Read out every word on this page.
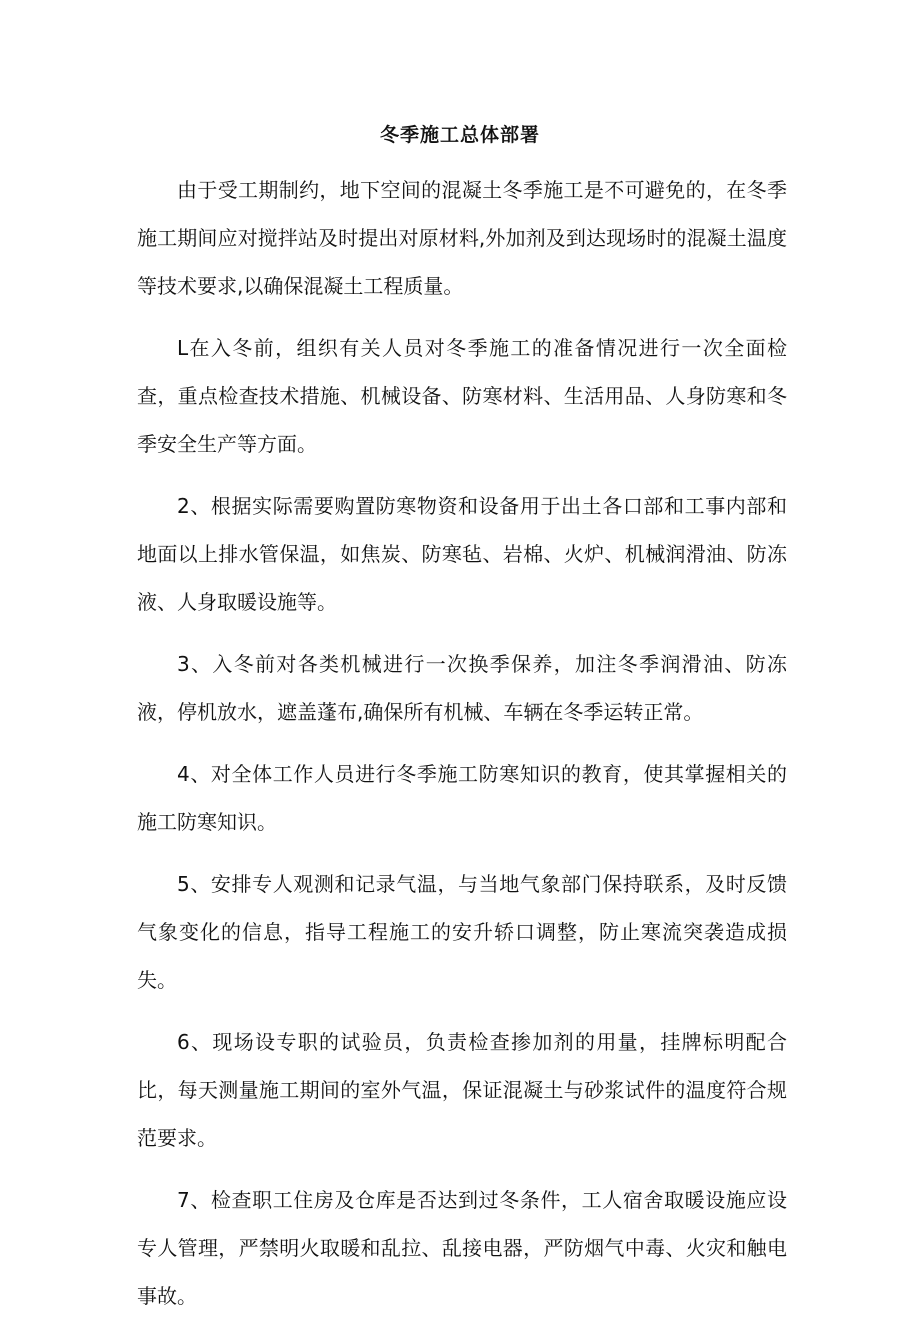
冬季施工总体部署

由于受工期制约，地下空间的混凝土冬季施工是不可避免的，在冬季施工期间应对搅拌站及时提出对原材料,外加剂及到达现场时的混凝土温度等技术要求,以确保混凝土工程质量。

L在入冬前，组织有关人员对冬季施工的准备情况进行一次全面检查，重点检查技术措施、机械设备、防寒材料、生活用品、人身防寒和冬季安全生产等方面。

2、根据实际需要购置防寒物资和设备用于出土各口部和工事内部和地面以上排水管保温，如焦炭、防寒毡、岩棉、火炉、机械润滑油、防冻液、人身取暖设施等。

3、入冬前对各类机械进行一次换季保养，加注冬季润滑油、防冻液，停机放水，遮盖蓬布,确保所有机械、车辆在冬季运转正常。

4、对全体工作人员进行冬季施工防寒知识的教育，使其掌握相关的施工防寒知识。

5、安排专人观测和记录气温，与当地气象部门保持联系，及时反馈气象变化的信息，指导工程施工的安升轿口调整，防止寒流突袭造成损失。

6、现场设专职的试验员，负责检查掺加剂的用量，挂牌标明配合比，每天测量施工期间的室外气温，保证混凝土与砂浆试件的温度符合规范要求。

7、检查职工住房及仓库是否达到过冬条件，工人宿舍取暖设施应设专人管理，严禁明火取暖和乱拉、乱接电器，严防烟气中毒、火灾和触电事故。
